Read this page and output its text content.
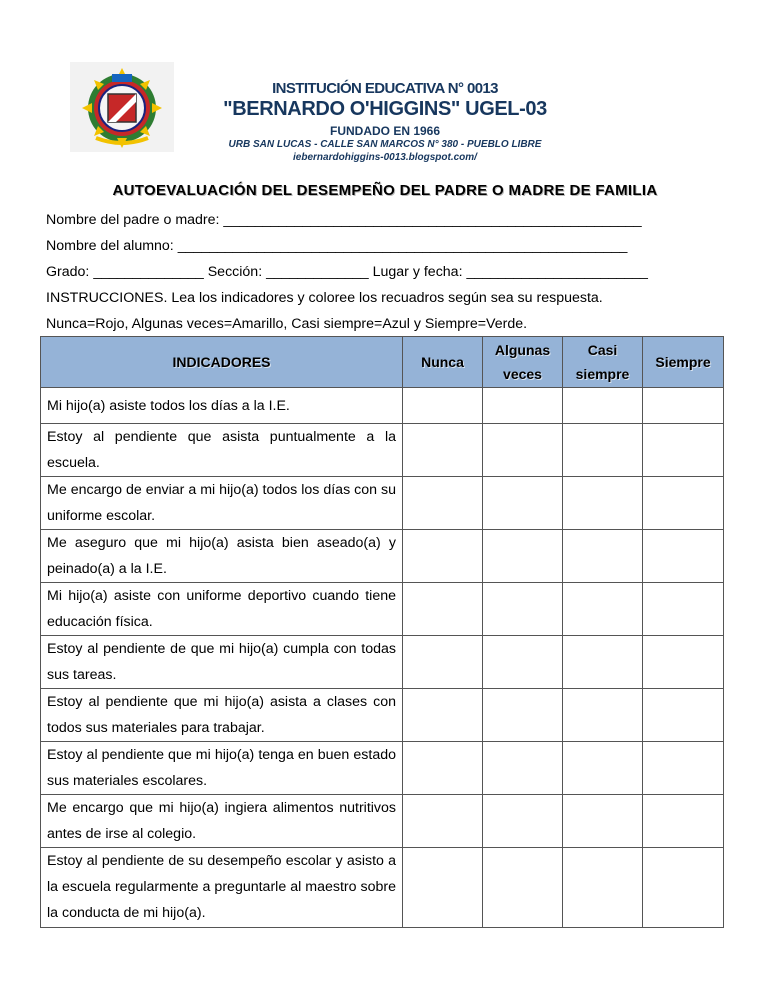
INSTITUCIÓN EDUCATIVA N° 0013
"BERNARDO O'HIGGINS" UGEL-03
FUNDADO EN 1966
URB SAN LUCAS - CALLE SAN MARCOS N° 380 - PUEBLO LIBRE
iebernardohiggins-0013.blogspot.com/
AUTOEVALUACIÓN DEL DESEMPEÑO DEL PADRE O MADRE DE FAMILIA
Nombre del padre o madre: _____________________________________________________
Nombre del alumno: _________________________________________________________
Grado: ______________ Sección: _____________ Lugar y fecha: _______________________
INSTRUCCIONES. Lea los indicadores y coloree los recuadros según sea su respuesta.
Nunca=Rojo, Algunas veces=Amarillo, Casi siempre=Azul y Siempre=Verde.
INDICADORES	Nunca	Algunas veces	Casi siempre	Siempre
Mi hijo(a) asiste todos los días a la I.E.				
Estoy al pendiente que asista puntualmente a la escuela.				
Me encargo de enviar a mi hijo(a) todos los días con su uniforme escolar.				
Me aseguro que mi hijo(a) asista bien aseado(a) y peinado(a) a la I.E.				
Mi hijo(a) asiste con uniforme deportivo cuando tiene educación física.				
Estoy al pendiente de que mi hijo(a) cumpla con todas sus tareas.				
Estoy al pendiente que mi hijo(a) asista a clases con todos sus materiales para trabajar.				
Estoy al pendiente que mi hijo(a) tenga en buen estado sus materiales escolares.				
Me encargo que mi hijo(a) ingiera alimentos nutritivos antes de irse al colegio.				
Estoy al pendiente de su desempeño escolar y asisto a la escuela regularmente a preguntarle al maestro sobre la conducta de mi hijo(a).				
